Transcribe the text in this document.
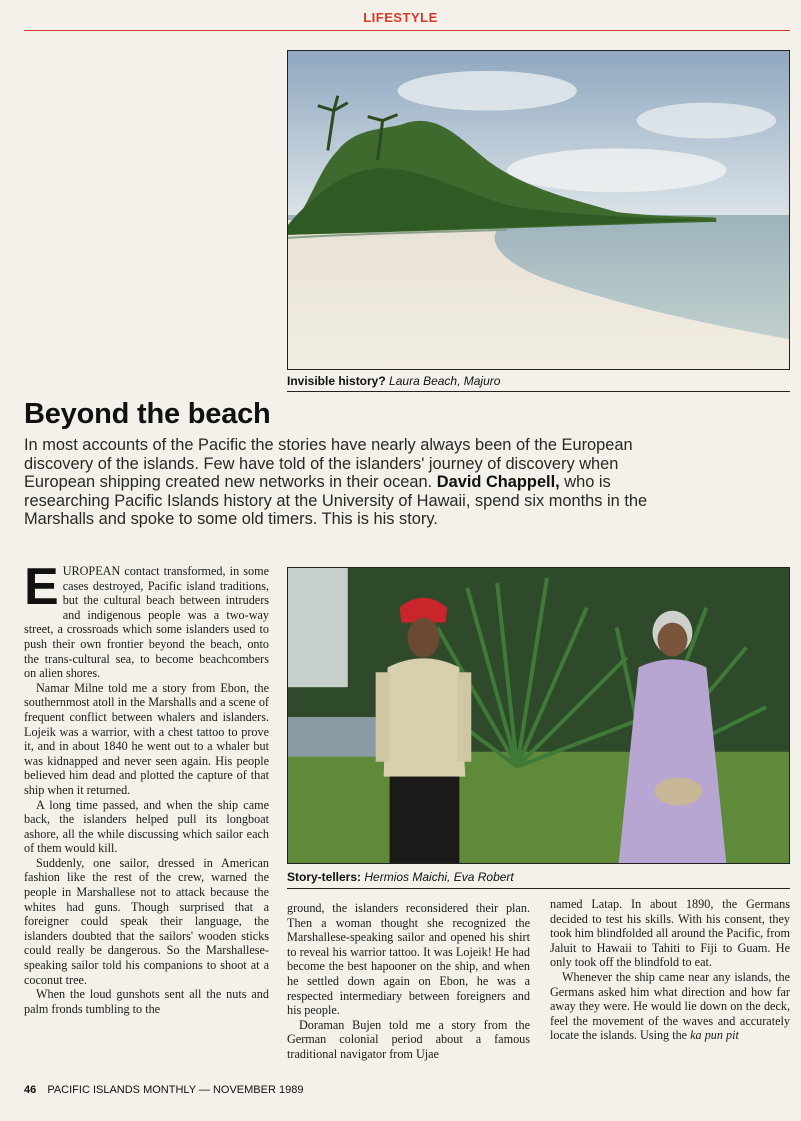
LIFESTYLE
Invisible history? Laura Beach, Majuro
Beyond the beach
In most accounts of the Pacific the stories have nearly always been of the European discovery of the islands. Few have told of the islanders' journey of discovery when European shipping created new networks in their ocean. David Chappell, who is researching Pacific Islands history at the University of Hawaii, spend six months in the Marshalls and spoke to some old timers. This is his story.

EUROPEAN contact transformed, in some cases destroyed, Pacific island traditions, but the cultural beach between intruders and indigenous people was a two-way street, a crossroads which some islanders used to push their own frontier beyond the beach, onto the trans-cultural sea, to become beachcombers on alien shores.

Namar Milne told me a story from Ebon, the southernmost atoll in the Marshalls and a scene of frequent conflict between whalers and islanders. Lojeik was a warrior, with a chest tattoo to prove it, and in about 1840 he went out to a whaler but was kidnapped and never seen again. His people believed him dead and plotted the capture of that ship when it returned.

A long time passed, and when the ship came back, the islanders helped pull its longboat ashore, all the while discussing which sailor each of them would kill.

Suddenly, one sailor, dressed in American fashion like the rest of the crew, warned the people in Marshallese not to attack because the whites had guns. Though surprised that a foreigner could speak their language, the islanders doubted that the sailors' wooden sticks could really be dangerous. So the Marshallese-speaking sailor told his companions to shoot at a coconut tree.

When the loud gunshots sent all the nuts and palm fronds tumbling to the

Story-tellers: Hermios Maichi, Eva Robert

ground, the islanders reconsidered their plan. Then a woman thought she recognized the Marshallese-speaking sailor and opened his shirt to reveal his warrior tattoo. It was Lojeik! He had become the best hapooner on the ship, and when he settled down again on Ebon, he was a respected intermediary between foreigners and his people.

Doraman Bujen told me a story from the German colonial period about a famous traditional navigator from Ujae

named Latap. In about 1890, the Germans decided to test his skills. With his consent, they took him blindfolded all around the Pacific, from Jaluit to Hawaii to Tahiti to Fiji to Guam. He only took off the blindfold to eat.

Whenever the ship came near any islands, the Germans asked him what direction and how far away they were. He would lie down on the deck, feel the movement of the waves and accurately locate the islands. Using the ka pun pit

46 PACIFIC ISLANDS MONTHLY — NOVEMBER 1989
